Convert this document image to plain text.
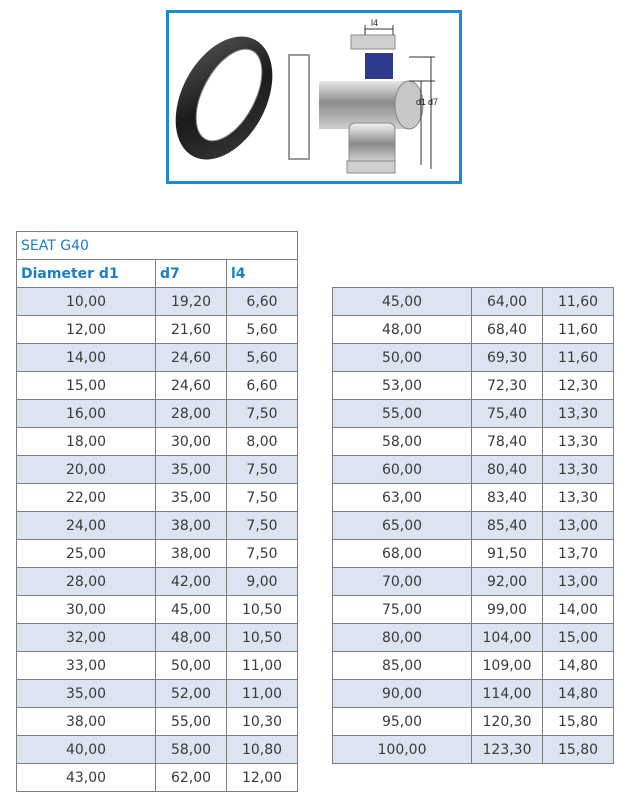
l4
d1 d7
SEAT G40		
Diameter d1	d7	l4
10,00	19,20	6,60
12,00	21,60	5,60
14,00	24,60	5,60
15,00	24,60	6,60
16,00	28,00	7,50
18,00	30,00	8,00
20,00	35,00	7,50
22,00	35,00	7,50
24,00	38,00	7,50
25,00	38,00	7,50
28,00	42,00	9,00
30,00	45,00	10,50
32,00	48,00	10,50
33,00	50,00	11,00
35,00	52,00	11,00
38,00	55,00	10,30
40,00	58,00	10,80
43,00	62,00	12,00
45,00	64,00	11,60
48,00	68,40	11,60
50,00	69,30	11,60
53,00	72,30	12,30
55,00	75,40	13,30
58,00	78,40	13,30
60,00	80,40	13,30
63,00	83,40	13,30
65,00	85,40	13,00
68,00	91,50	13,70
70,00	92,00	13,00
75,00	99,00	14,00
80,00	104,00	15,00
85,00	109,00	14,80
90,00	114,00	14,80
95,00	120,30	15,80
100,00	123,30	15,80
